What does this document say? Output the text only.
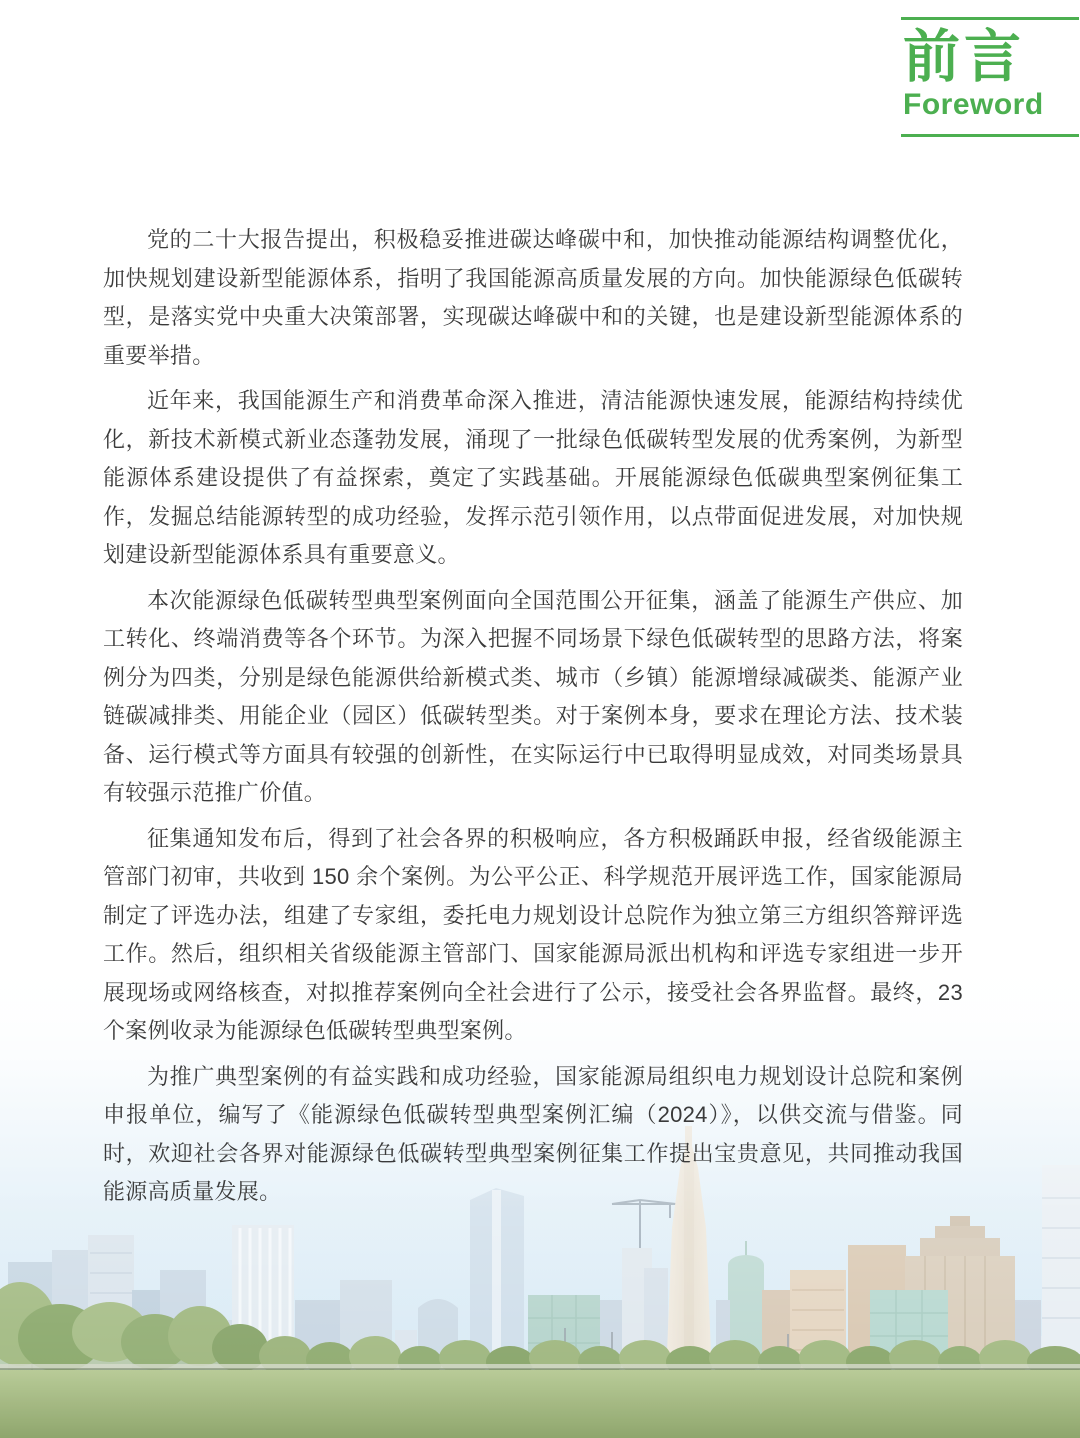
前言
Foreword

党的二十大报告提出，积极稳妥推进碳达峰碳中和，加快推动能源结构调整优化，加快规划建设新型能源体系，指明了我国能源高质量发展的方向。加快能源绿色低碳转型，是落实党中央重大决策部署，实现碳达峰碳中和的关键，也是建设新型能源体系的重要举措。

近年来，我国能源生产和消费革命深入推进，清洁能源快速发展，能源结构持续优化，新技术新模式新业态蓬勃发展，涌现了一批绿色低碳转型发展的优秀案例，为新型能源体系建设提供了有益探索，奠定了实践基础。开展能源绿色低碳典型案例征集工作，发掘总结能源转型的成功经验，发挥示范引领作用，以点带面促进发展，对加快规划建设新型能源体系具有重要意义。

本次能源绿色低碳转型典型案例面向全国范围公开征集，涵盖了能源生产供应、加工转化、终端消费等各个环节。为深入把握不同场景下绿色低碳转型的思路方法，将案例分为四类，分别是绿色能源供给新模式类、城市（乡镇）能源增绿减碳类、能源产业链碳减排类、用能企业（园区）低碳转型类。对于案例本身，要求在理论方法、技术装备、运行模式等方面具有较强的创新性，在实际运行中已取得明显成效，对同类场景具有较强示范推广价值。

征集通知发布后，得到了社会各界的积极响应，各方积极踊跃申报，经省级能源主管部门初审，共收到 150 余个案例。为公平公正、科学规范开展评选工作，国家能源局制定了评选办法，组建了专家组，委托电力规划设计总院作为独立第三方组织答辩评选工作。然后，组织相关省级能源主管部门、国家能源局派出机构和评选专家组进一步开展现场或网络核查，对拟推荐案例向全社会进行了公示，接受社会各界监督。最终，23 个案例收录为能源绿色低碳转型典型案例。

为推广典型案例的有益实践和成功经验，国家能源局组织电力规划设计总院和案例申报单位，编写了《能源绿色低碳转型典型案例汇编（2024）》，以供交流与借鉴。同时，欢迎社会各界对能源绿色低碳转型典型案例征集工作提出宝贵意见，共同推动我国能源高质量发展。
